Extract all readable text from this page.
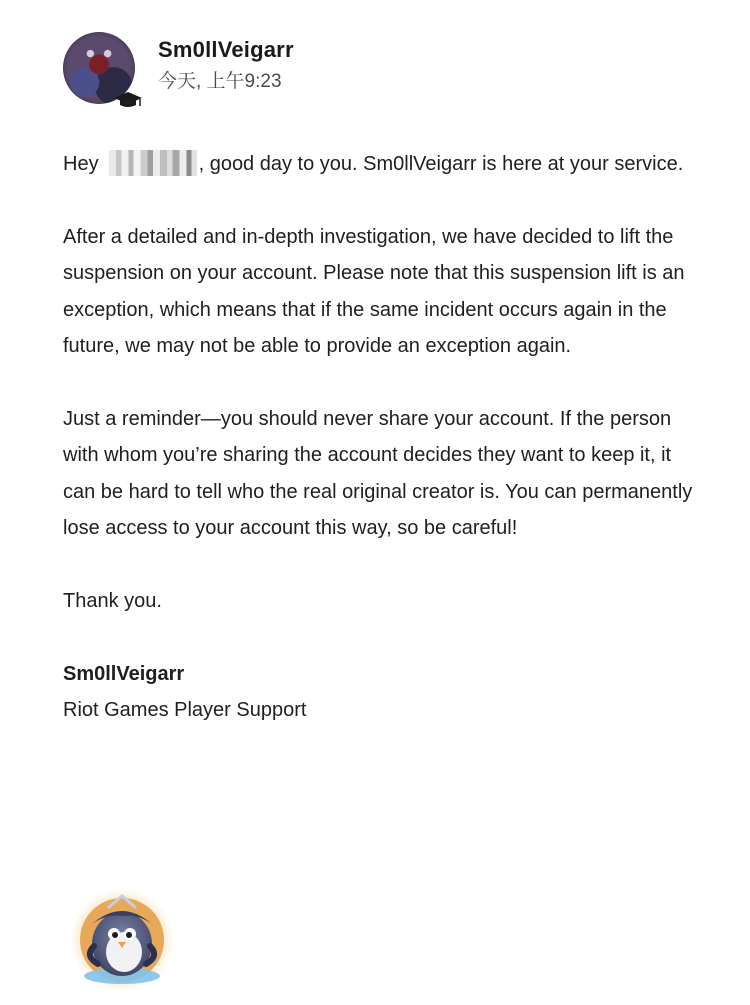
Sm0llVeigarr
今天, 上午9:23

Hey	, good day to you. Sm0llVeigarr is here at your service.

After a detailed and in-depth investigation, we have decided to lift the suspension on your account. Please note that this suspension lift is an exception, which means that if the same incident occurs again in the future, we may not be able to provide an exception again.

Just a reminder—you should never share your account. If the person with whom you’re sharing the account decides they want to keep it, it can be hard to tell who the real original creator is. You can permanently lose access to your account this way, so be careful!

Thank you.

Sm0llVeigarr

Riot Games Player Support
